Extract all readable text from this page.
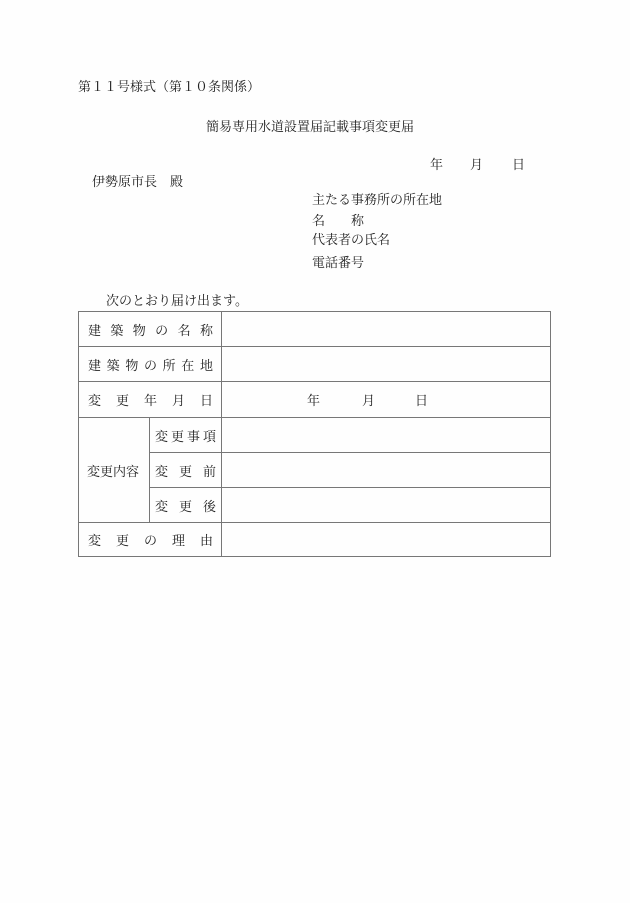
第１１号様式（第１０条関係）
簡易専用水道設置届記載事項変更届
年 月 日
伊勢原市長　殿
主たる事務所の所在地
名　　称
代表者の氏名
電話番号
次のとおり届け出ます。
建 築 物 の 名 称
建 築 物 の 所 在 地
変 更 年 月 日	年	月	日
変更内容
変 更 事 項
変 更 前
変 更 後
変 更 の 理 由
